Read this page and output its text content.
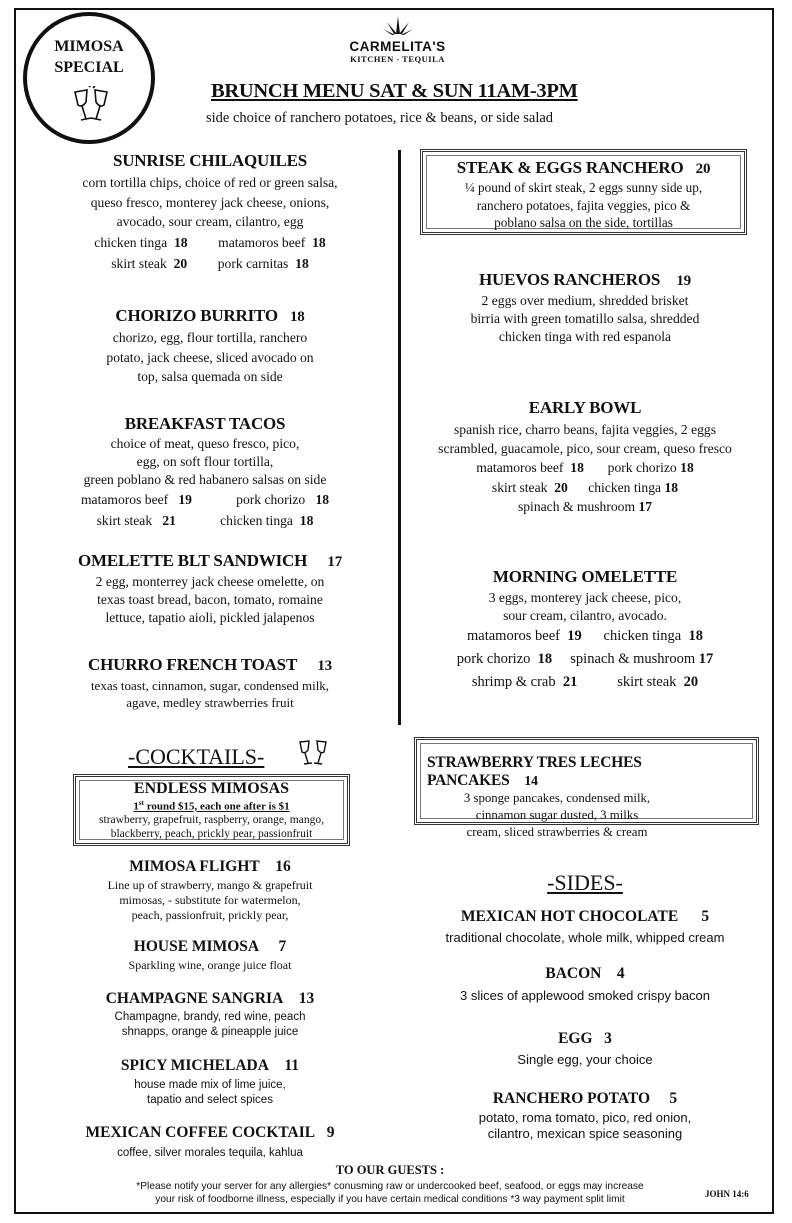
MIMOSA
SPECIAL
CARMELITA'S
KITCHEN - TEQUILA
BRUNCH MENU SAT & SUN 11AM-3PM
side choice of ranchero potatoes, rice & beans, or side salad
SUNRISE CHILAQUILES
corn tortilla chips, choice of red or green salsa,
queso fresco, monterey jack cheese, onions,
avocado, sour cream, cilantro, egg
chicken tinga 18 matamoros beef 18
skirt steak 20 pork carnitas 18
CHORIZO BURRITO 18
chorizo, egg, flour tortilla, ranchero
potato, jack cheese, sliced avocado on
top, salsa quemada on side
BREAKFAST TACOS
choice of meat, queso fresco, pico,
egg, on soft flour tortilla,
green poblano & red habanero salsas on side
matamoros beef 19	pork chorizo 18
skirt steak 21	chicken tinga 18
OMELETTE BLT SANDWICH 17
2 egg, monterrey jack cheese omelette, on
texas toast bread, bacon, tomato, romaine
lettuce, tapatio aioli, pickled jalapenos
CHURRO FRENCH TOAST 13
texas toast, cinnamon, sugar, condensed milk,
agave, medley strawberries fruit
-COCKTAILS-
ENDLESS MIMOSAS
1st round $15, each one after is $1
strawberry, grapefruit, raspberry, orange, mango,
blackberry, peach, prickly pear, passionfruit
MIMOSA FLIGHT 16
Line up of strawberry, mango & grapefruit
mimosas, - substitute for watermelon,
peach, passionfruit, prickly pear,
HOUSE MIMOSA 7
Sparkling wine, orange juice float
CHAMPAGNE SANGRIA 13
Champagne, brandy, red wine, peach
shnapps, orange & pineapple juice
SPICY MICHELADA 11
house made mix of lime juice,
tapatio and select spices
MEXICAN COFFEE COCKTAIL 9
coffee, silver morales tequila, kahlua
STEAK & EGGS RANCHERO 20
¼ pound of skirt steak, 2 eggs sunny side up,
ranchero potatoes, fajita veggies, pico &
poblano salsa on the side, tortillas
HUEVOS RANCHEROS 19
2 eggs over medium, shredded brisket
birria with green tomatillo salsa, shredded
chicken tinga with red espanola
EARLY BOWL
spanish rice, charro beans, fajita veggies, 2 eggs
scrambled, guacamole, pico, sour cream, queso fresco
matamoros beef 18 pork chorizo 18
skirt steak 20 chicken tinga 18
spinach & mushroom 17
MORNING OMELETTE
3 eggs, monterey jack cheese, pico,
sour cream, cilantro, avocado.
matamoros beef 19 chicken tinga 18
pork chorizo 18 spinach & mushroom 17
shrimp & crab 21	skirt steak 20
STRAWBERRY TRES LECHES PANCAKES 14
3 sponge pancakes, condensed milk,
cinnamon sugar dusted, 3 milks
cream, sliced strawberries & cream
-SIDES-
MEXICAN HOT CHOCOLATE 5
traditional chocolate, whole milk, whipped cream
BACON 4
3 slices of applewood smoked crispy bacon
EGG 3
Single egg, your choice
RANCHERO POTATO 5
potato, roma tomato, pico, red onion,
cilantro, mexican spice seasoning
TO OUR GUESTS :
*Please notify your server for any allergies* conusming raw or undercooked beef, seafood, or eggs may increase
your risk of foodborne illness, especially if you have certain medical conditions *3 way payment split limit	JOHN 14:6
